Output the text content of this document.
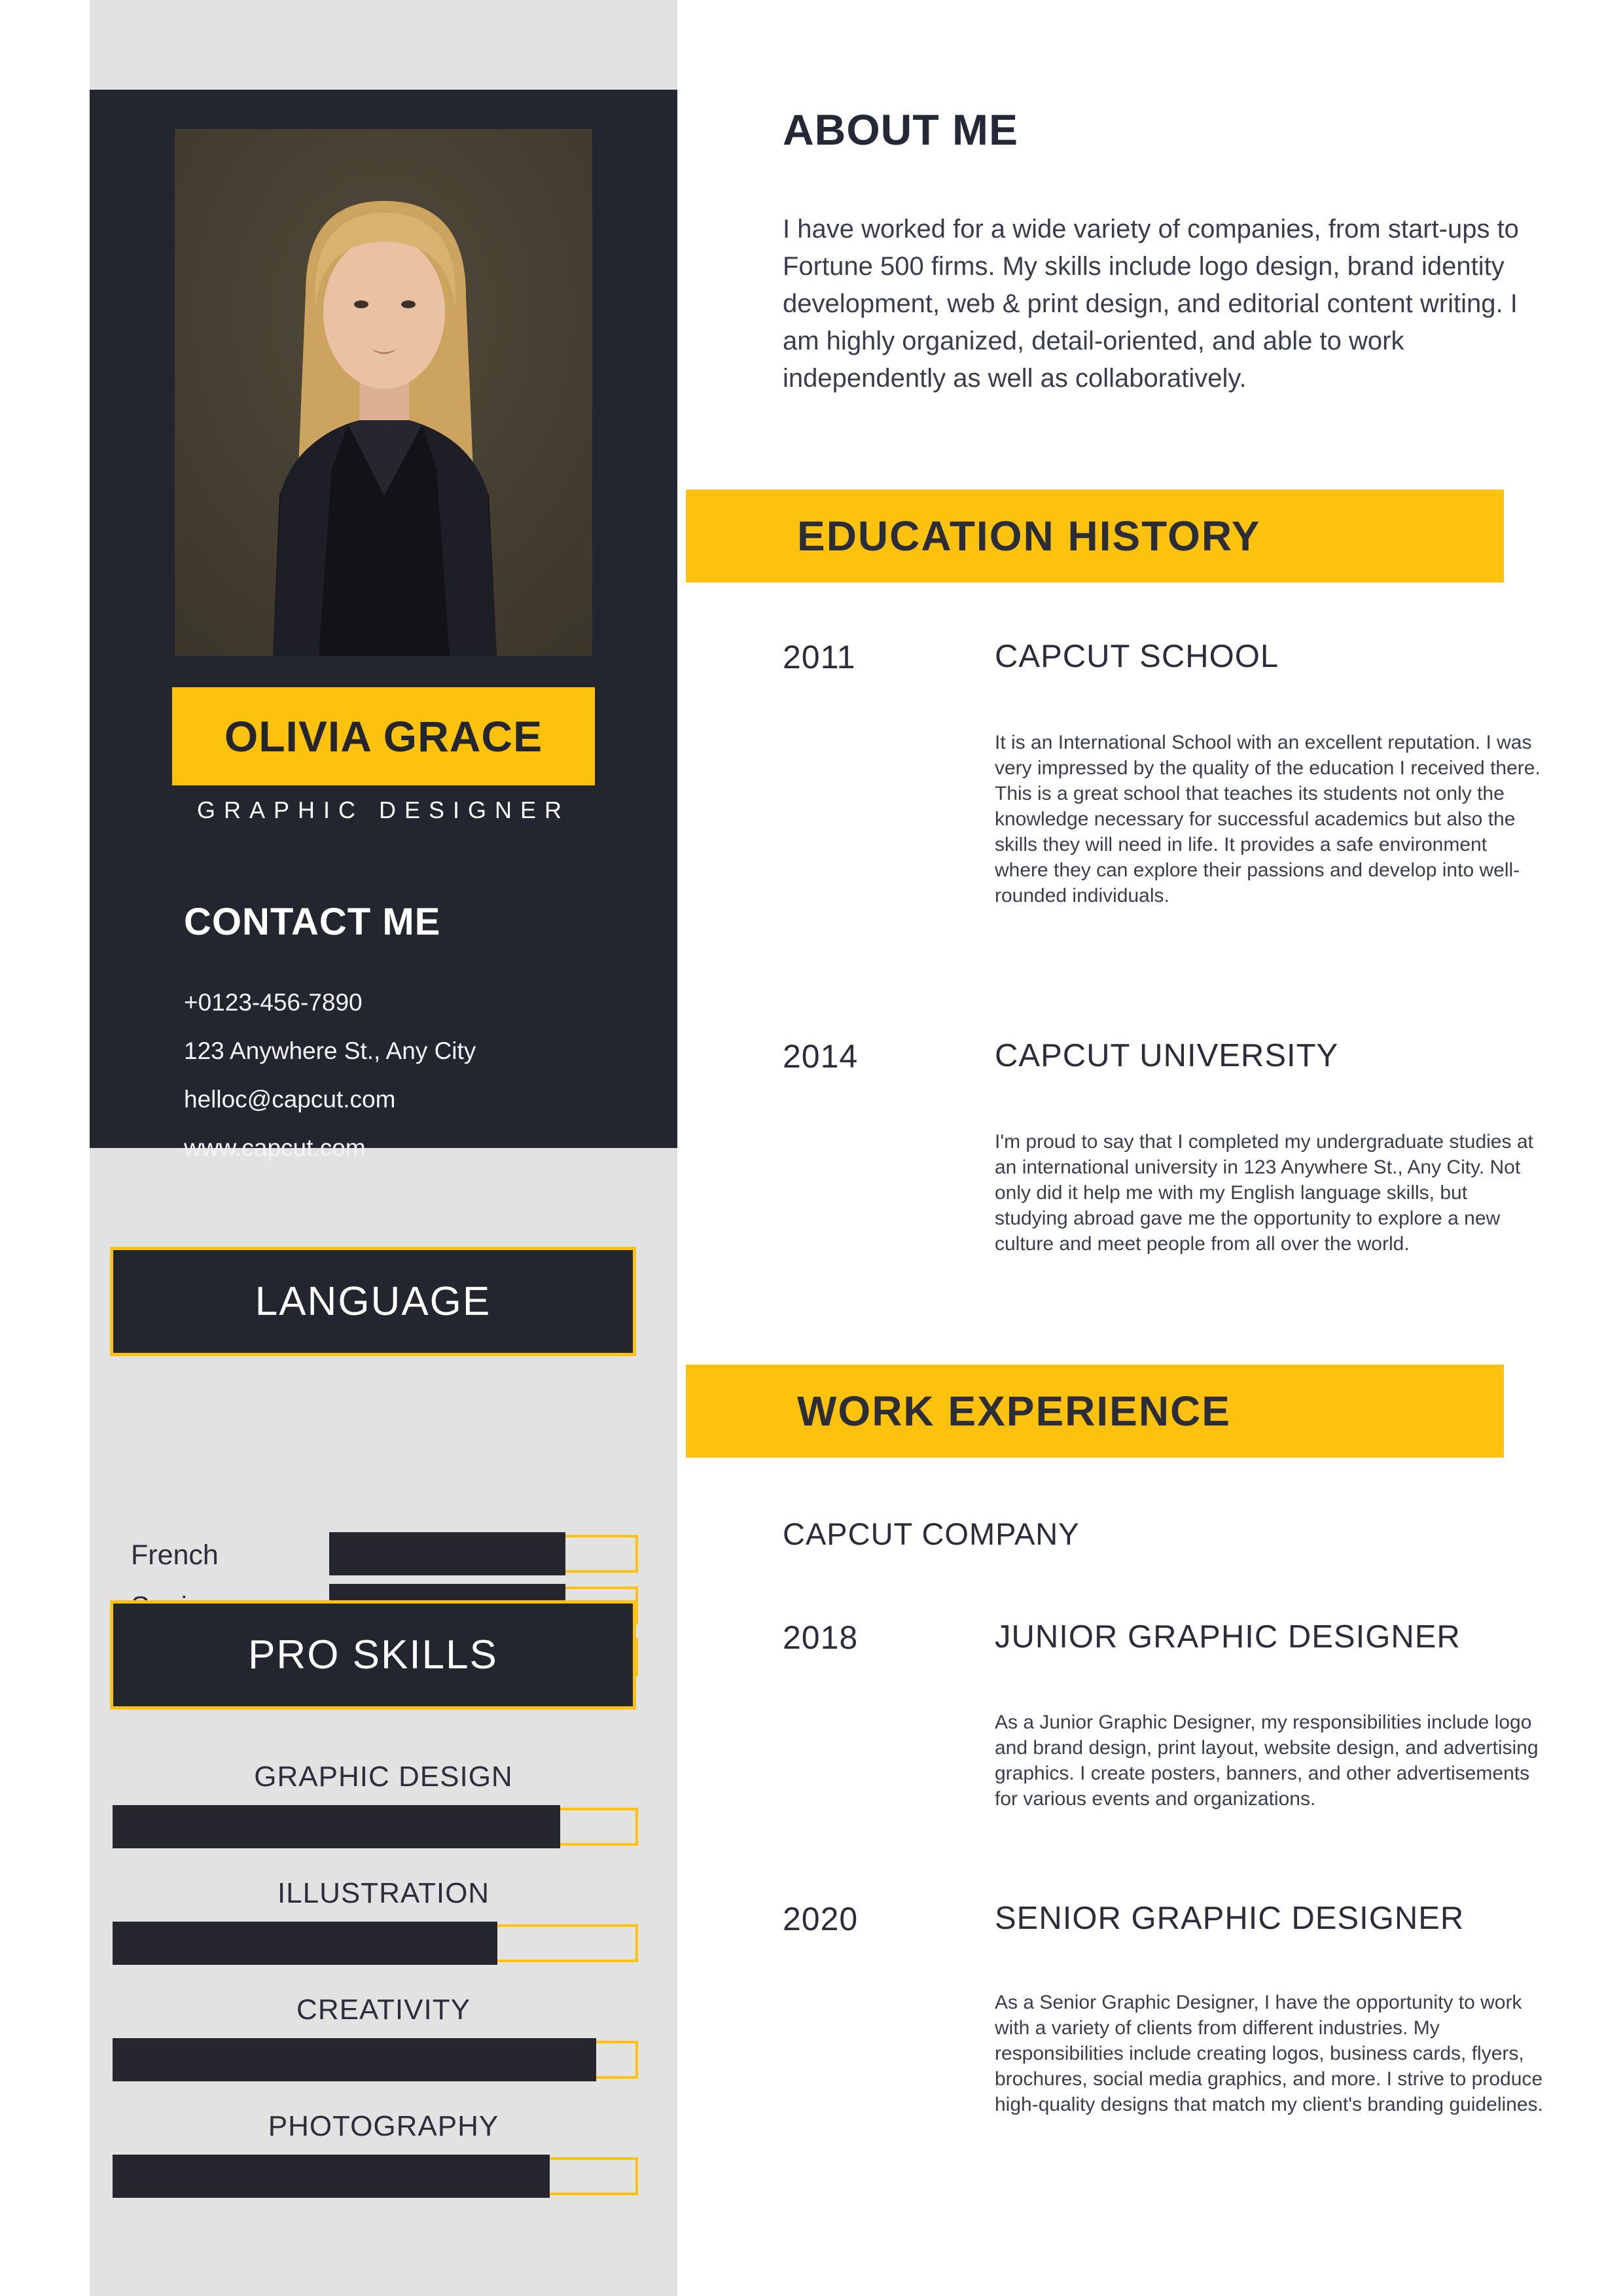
OLIVIA GRACE
GRAPHIC DESIGNER
CONTACT ME
+0123-456-7890
123 Anywhere St., Any City
helloc@capcut.com
www.capcut.com
LANGUAGE
French
PRO SKILLS
GRAPHIC DESIGN
ILLUSTRATION
CREATIVITY
PHOTOGRAPHY
ABOUT ME
I have worked for a wide variety of companies, from start-ups to Fortune 500 firms. My skills include logo design, brand identity development, web & print design, and editorial content writing. I am highly organized, detail-oriented, and able to work independently as well as collaboratively.
EDUCATION HISTORY
2011	CAPCUT SCHOOL
It is an International School with an excellent reputation. I was very impressed by the quality of the education I received there. This is a great school that teaches its students not only the knowledge necessary for successful academics but also the skills they will need in life. It provides a safe environment where they can explore their passions and develop into well-rounded individuals.
2014	CAPCUT UNIVERSITY
I'm proud to say that I completed my undergraduate studies at an international university in 123 Anywhere St., Any City. Not only did it help me with my English language skills, but studying abroad gave me the opportunity to explore a new culture and meet people from all over the world.
WORK EXPERIENCE
CAPCUT COMPANY
2018	JUNIOR GRAPHIC DESIGNER
As a Junior Graphic Designer, my responsibilities include logo and brand design, print layout, website design, and advertising graphics. I create posters, banners, and other advertisements for various events and organizations.
2020	SENIOR GRAPHIC DESIGNER
As a Senior Graphic Designer, I have the opportunity to work with a variety of clients from different industries. My responsibilities include creating logos, business cards, flyers, brochures, social media graphics, and more. I strive to produce high-quality designs that match my client's branding guidelines.
